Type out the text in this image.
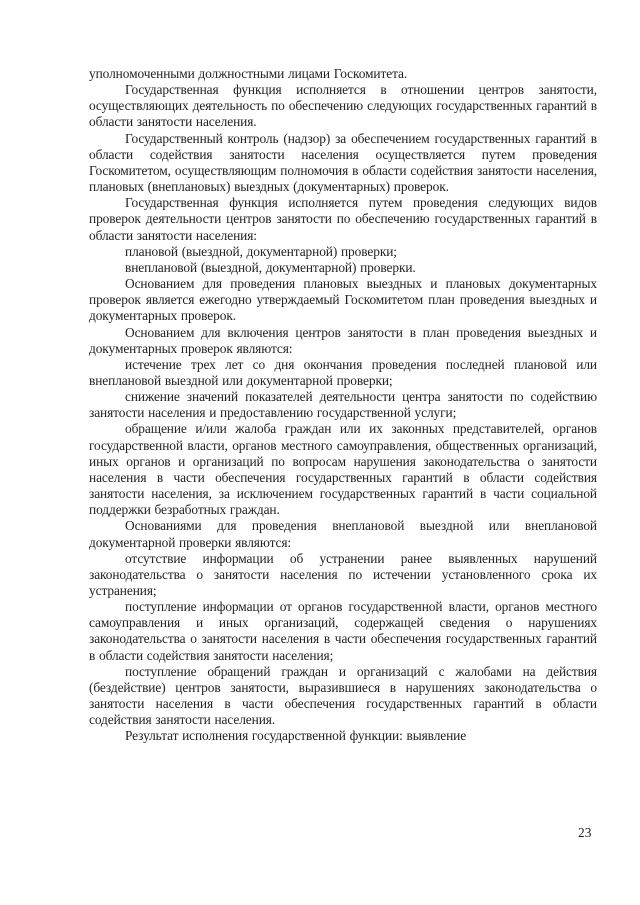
уполномоченными должностными лицами Госкомитета.

Государственная функция исполняется в отношении центров занятости, осуществляющих деятельность по обеспечению следующих государственных гарантий в области занятости населения.

Государственный контроль (надзор) за обеспечением государственных гарантий в области содействия занятости населения осуществляется путем проведения Госкомитетом, осуществляющим полномочия в области содействия занятости населения, плановых (внеплановых) выездных (документарных) проверок.

Государственная функция исполняется путем проведения следующих видов проверок деятельности центров занятости по обеспечению государственных гарантий в области занятости населения:

плановой (выездной, документарной) проверки;

внеплановой (выездной, документарной) проверки.

Основанием для проведения плановых выездных и плановых документарных проверок является ежегодно утверждаемый Госкомитетом план проведения выездных и документарных проверок.

Основанием для включения центров занятости в план проведения выездных и документарных проверок являются:

истечение трех лет со дня окончания проведения последней плановой или внеплановой выездной или документарной проверки;

снижение значений показателей деятельности центра занятости по содействию занятости населения и предоставлению государственной услуги;

обращение и/или жалоба граждан или их законных представителей, органов государственной власти, органов местного самоуправления, общественных организаций, иных органов и организаций по вопросам нарушения законодательства о занятости населения в части обеспечения государственных гарантий в области содействия занятости населения, за исключением государственных гарантий в части социальной поддержки безработных граждан.

Основаниями для проведения внеплановой выездной или внеплановой документарной проверки являются:

отсутствие информации об устранении ранее выявленных нарушений законодательства о занятости населения по истечении установленного срока их устранения;

поступление информации от органов государственной власти, органов местного самоуправления и иных организаций, содержащей сведения о нарушениях законодательства о занятости населения в части обеспечения государственных гарантий в области содействия занятости населения;

поступление обращений граждан и организаций с жалобами на действия (бездействие) центров занятости, выразившиеся в нарушениях законодательства о занятости населения в части обеспечения государственных гарантий в области содействия занятости населения.

Результат исполнения государственной функции: выявление

23
